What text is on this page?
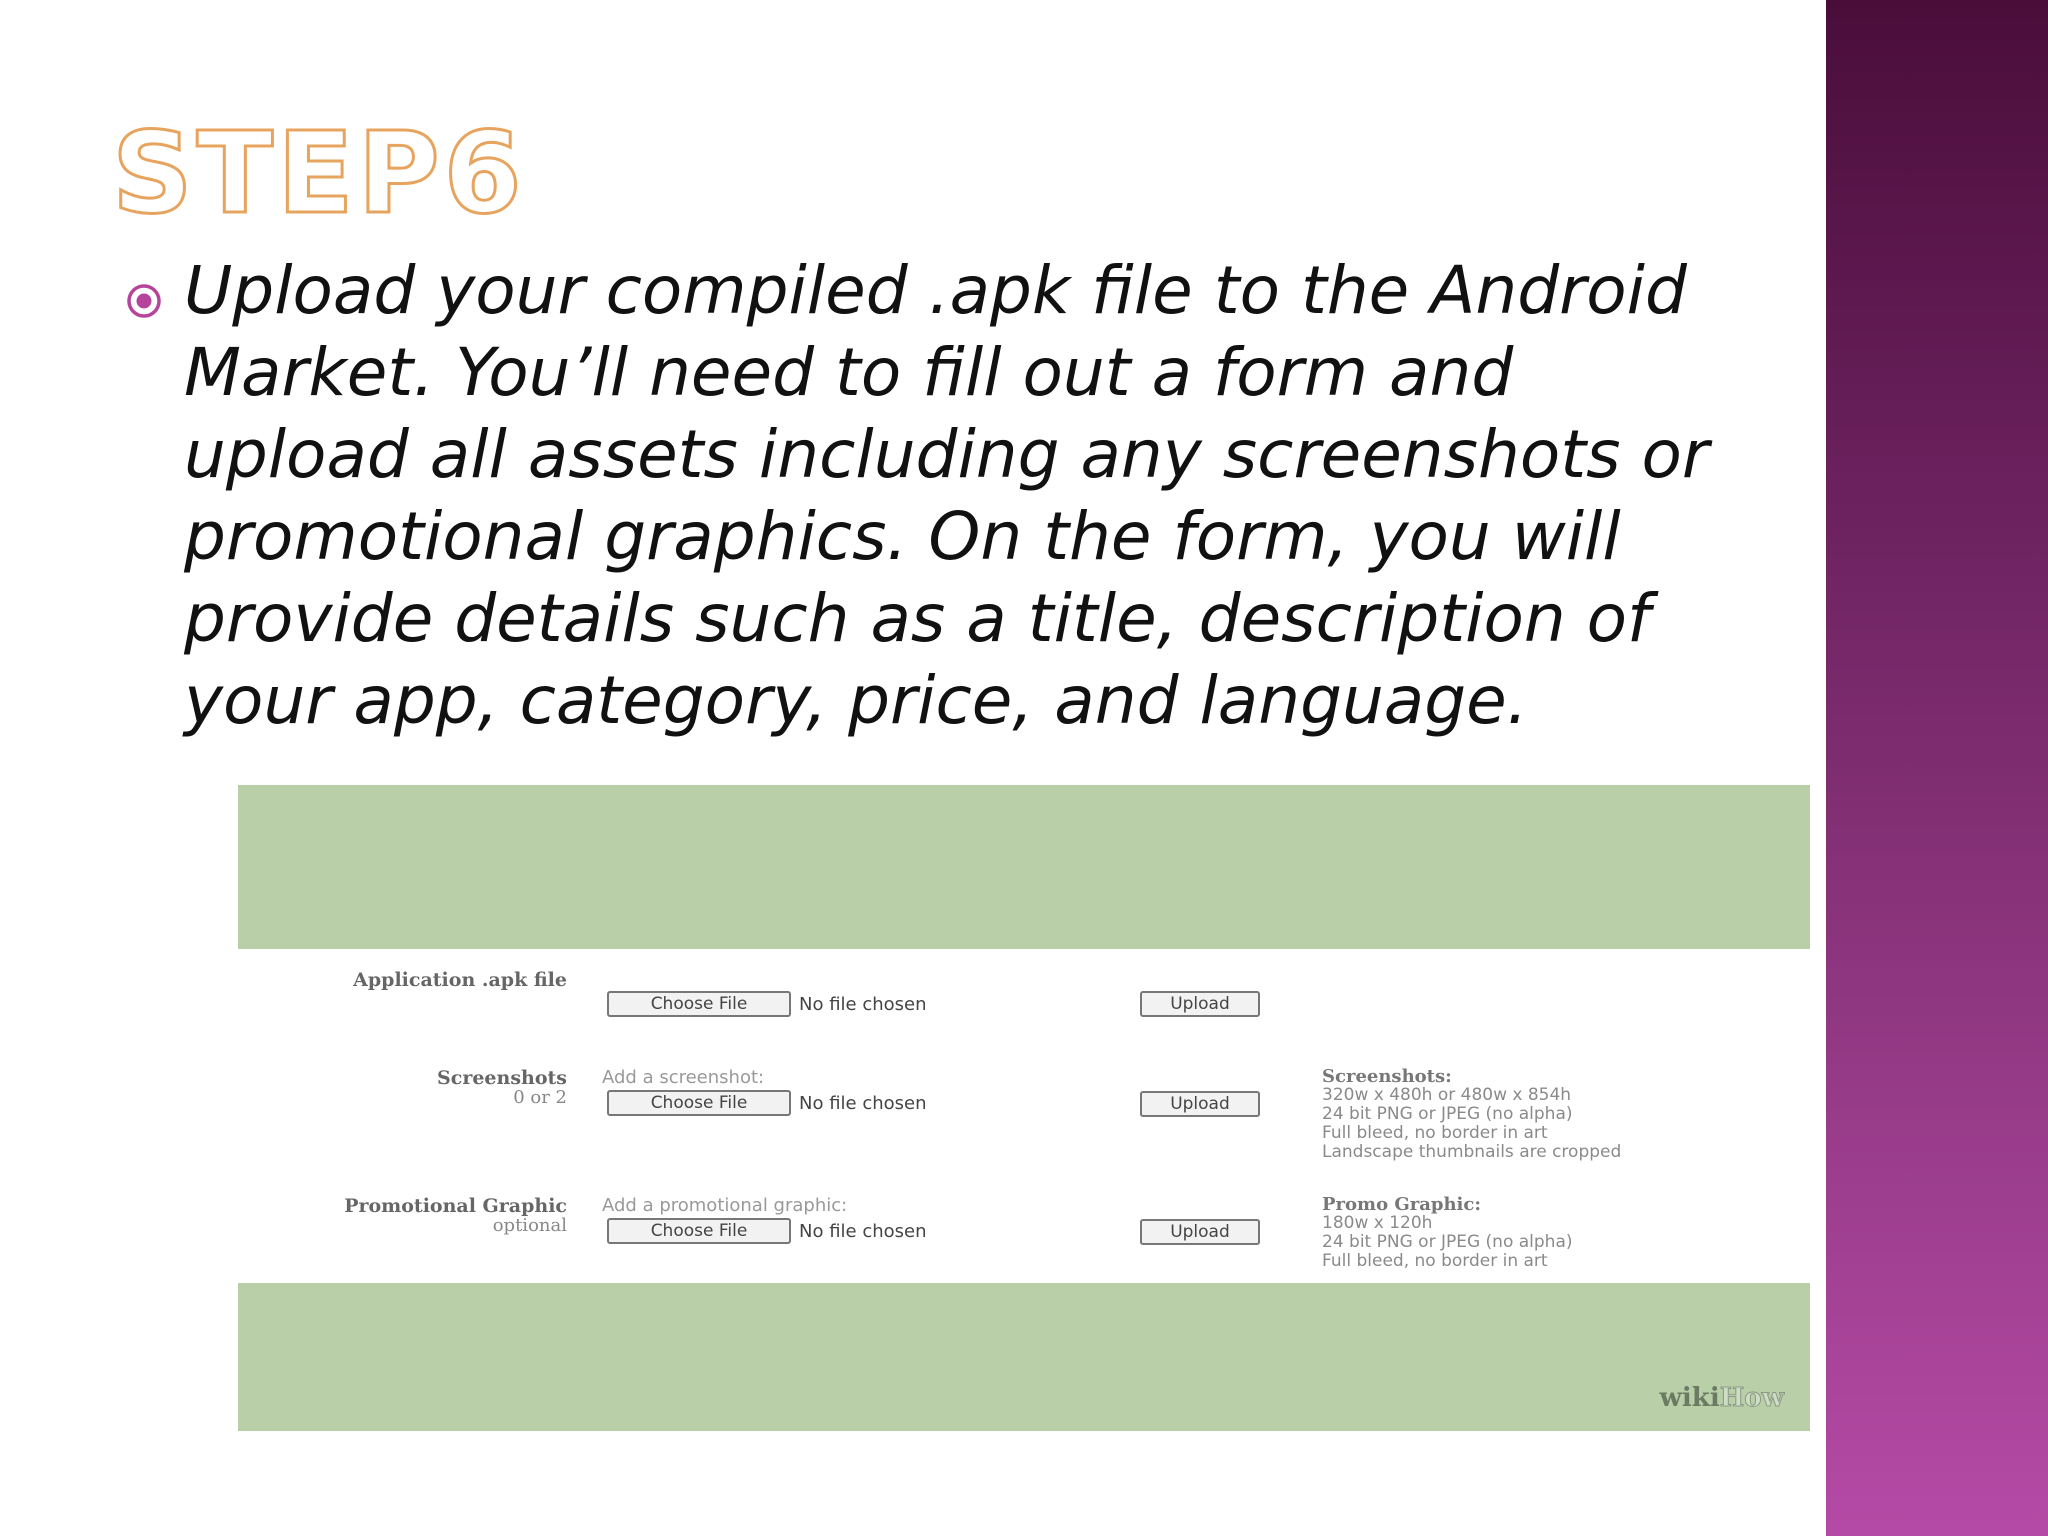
STEP6

Upload your compiled .apk file to the Android Market. You’ll need to fill out a form and upload all assets including any screenshots or promotional graphics. On the form, you will provide details such as a title, description of your app, category, price, and language.

Application .apk file
Choose File	No file chosen	Upload
Screenshots
0 or 2
Add a screenshot:
Choose File	No file chosen	Upload
Screenshots:
320w x 480h or 480w x 854h
24 bit PNG or JPEG (no alpha)
Full bleed, no border in art
Landscape thumbnails are cropped
Promotional Graphic
optional
Add a promotional graphic:
Choose File	No file chosen	Upload
Promo Graphic:
180w x 120h
24 bit PNG or JPEG (no alpha)
Full bleed, no border in art
wikiHow
